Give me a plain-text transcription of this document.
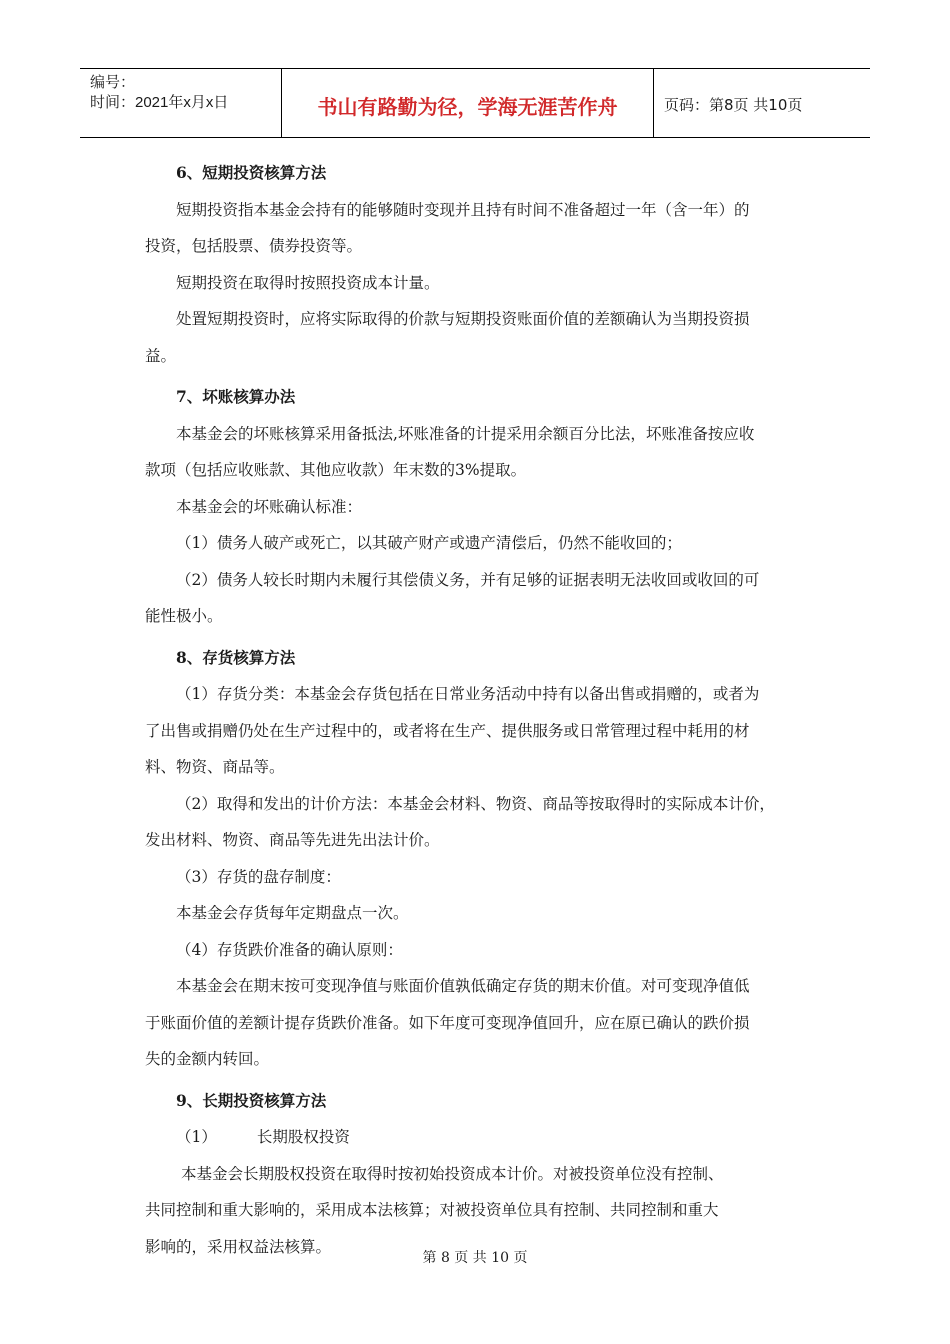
编号：
时间：2021年x月x日	书山有路勤为径，学海无涯苦作舟	页码：第8页 共10页

6、短期投资核算方法

短期投资指本基金会持有的能够随时变现并且持有时间不准备超过一年（含一年）的

投资，包括股票、债券投资等。

短期投资在取得时按照投资成本计量。

处置短期投资时，应将实际取得的价款与短期投资账面价值的差额确认为当期投资损

益。

7、坏账核算办法

本基金会的坏账核算采用备抵法,坏账准备的计提采用余额百分比法，坏账准备按应收

款项（包括应收账款、其他应收款）年末数的3%提取。

本基金会的坏账确认标准：

（1）债务人破产或死亡，以其破产财产或遗产清偿后，仍然不能收回的；

（2）债务人较长时期内未履行其偿债义务，并有足够的证据表明无法收回或收回的可

能性极小。

8、存货核算方法

（1）存货分类：本基金会存货包括在日常业务活动中持有以备出售或捐赠的，或者为

了出售或捐赠仍处在生产过程中的，或者将在生产、提供服务或日常管理过程中耗用的材

料、物资、商品等。

（2）取得和发出的计价方法：本基金会材料、物资、商品等按取得时的实际成本计价，

发出材料、物资、商品等先进先出法计价。

（3）存货的盘存制度：

本基金会存货每年定期盘点一次。

（4）存货跌价准备的确认原则：

本基金会在期末按可变现净值与账面价值孰低确定存货的期末价值。对可变现净值低

于账面价值的差额计提存货跌价准备。如下年度可变现净值回升，应在原已确认的跌价损

失的金额内转回。

9、长期投资核算方法

（1）	长期股权投资

本基金会长期股权投资在取得时按初始投资成本计价。对被投资单位没有控制、

共同控制和重大影响的，采用成本法核算；对被投资单位具有控制、共同控制和重大

影响的，采用权益法核算。

第 8 页 共 10 页
